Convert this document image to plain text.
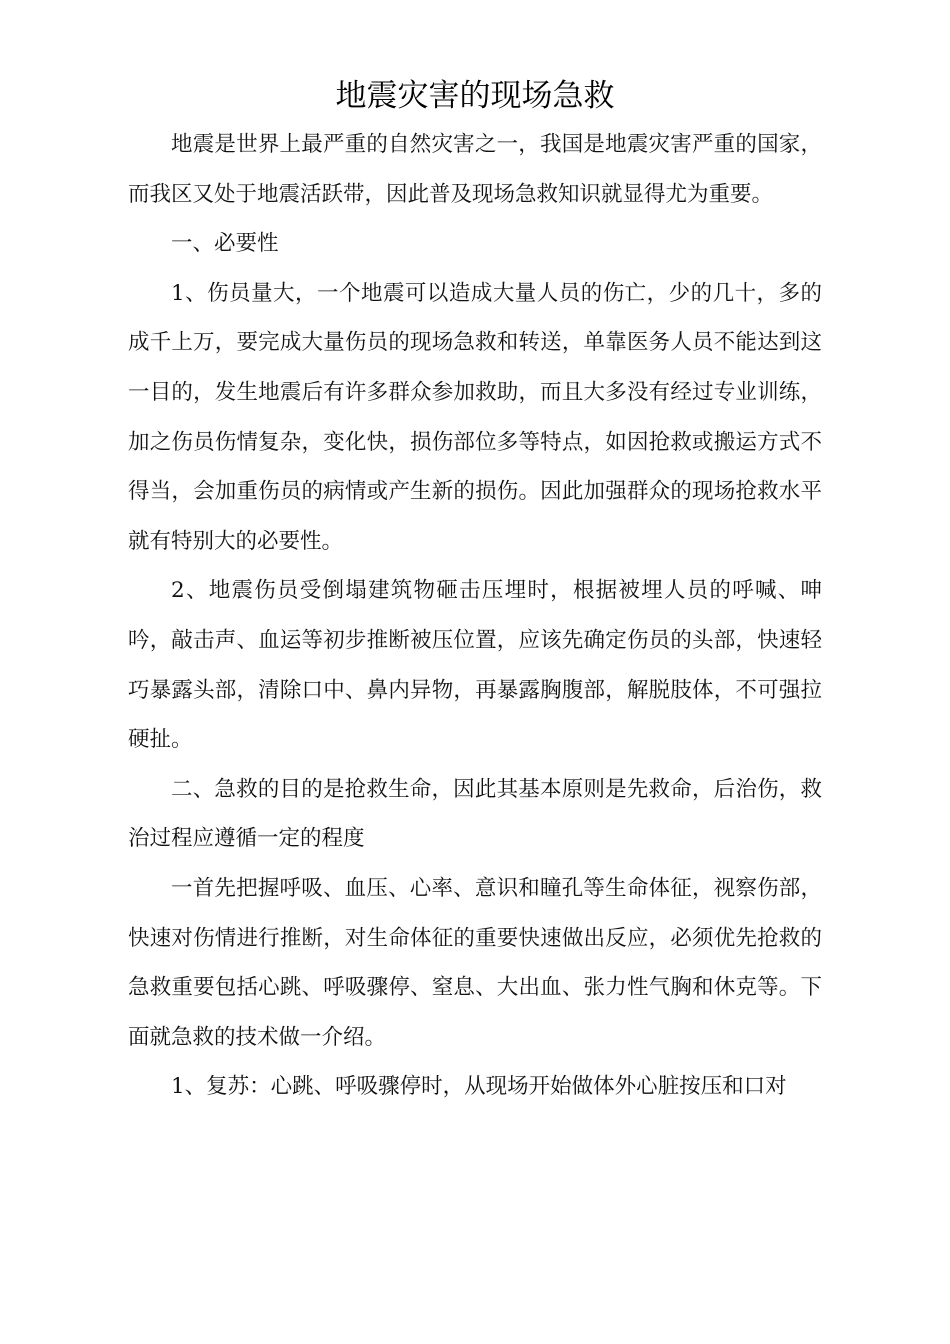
地震灾害的现场急救

地震是世界上最严重的自然灾害之一，我国是地震灾害严重的国家，而我区又处于地震活跃带，因此普及现场急救知识就显得尤为重要。

一、必要性

1、伤员量大，一个地震可以造成大量人员的伤亡，少的几十，多的成千上万，要完成大量伤员的现场急救和转送，单靠医务人员不能达到这一目的，发生地震后有许多群众参加救助，而且大多没有经过专业训练，加之伤员伤情复杂，变化快，损伤部位多等特点，如因抢救或搬运方式不得当，会加重伤员的病情或产生新的损伤。因此加强群众的现场抢救水平就有特别大的必要性。

2、地震伤员受倒塌建筑物砸击压埋时，根据被埋人员的呼喊、呻吟，敲击声、血运等初步推断被压位置，应该先确定伤员的头部，快速轻巧暴露头部，清除口中、鼻内异物，再暴露胸腹部，解脱肢体，不可强拉硬扯。

二、急救的目的是抢救生命，因此其基本原则是先救命，后治伤，救治过程应遵循一定的程度

一首先把握呼吸、血压、心率、意识和瞳孔等生命体征，视察伤部，快速对伤情进行推断，对生命体征的重要快速做出反应，必须优先抢救的急救重要包括心跳、呼吸骤停、窒息、大出血、张力性气胸和休克等。下面就急救的技术做一介绍。

1、复苏：心跳、呼吸骤停时，从现场开始做体外心脏按压和口对
